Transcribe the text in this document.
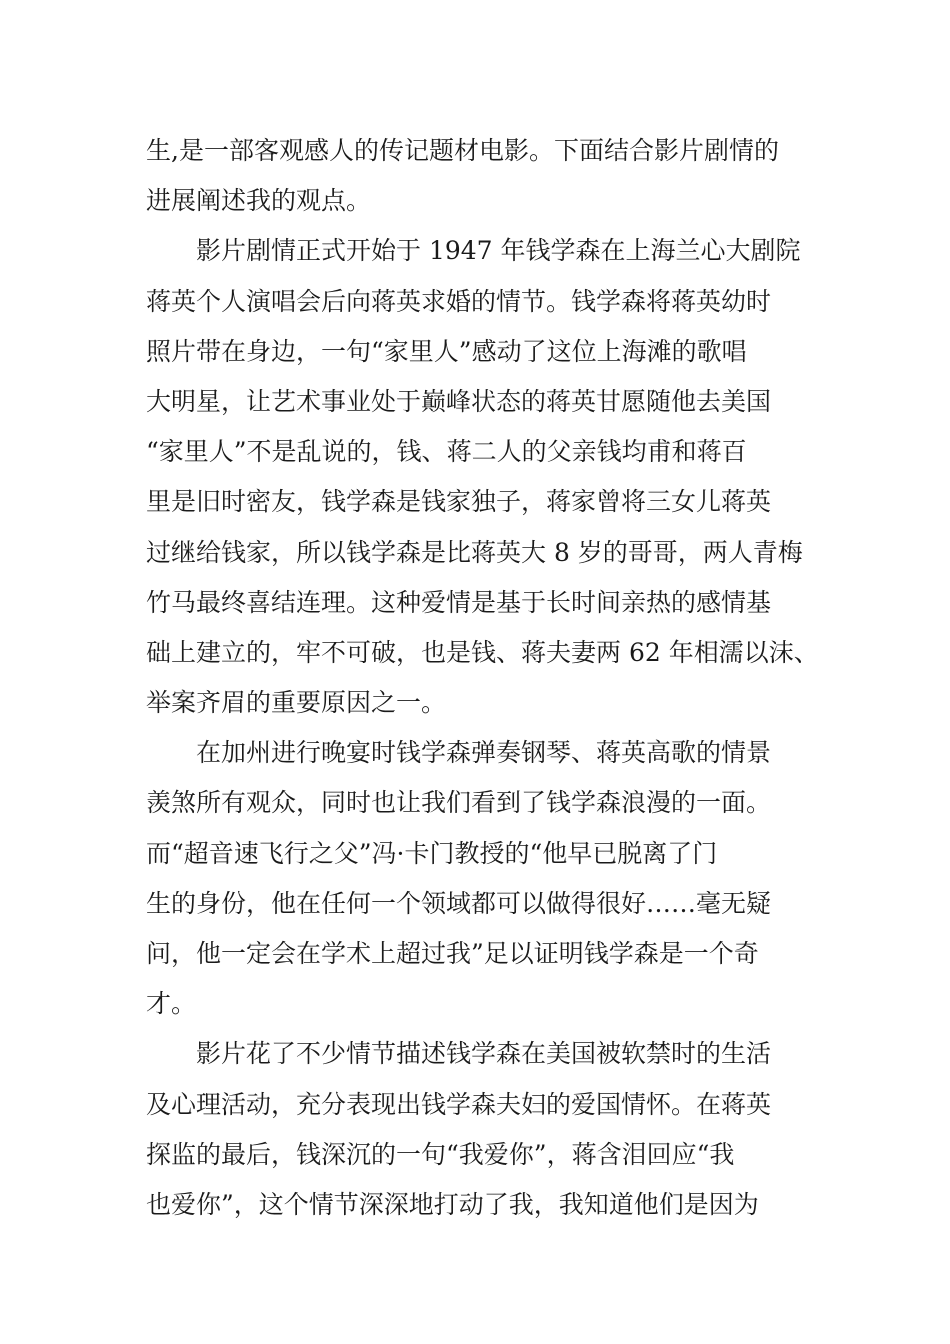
生,是一部客观感人的传记题材电影。下面结合影片剧情的
进展阐述我的观点。
影片剧情正式开始于 1947 年钱学森在上海兰心大剧院
蒋英个人演唱会后向蒋英求婚的情节。钱学森将蒋英幼时
照片带在身边，一句“家里人”感动了这位上海滩的歌唱
大明星，让艺术事业处于巅峰状态的蒋英甘愿随他去美国
“家里人”不是乱说的，钱、蒋二人的父亲钱均甫和蒋百
里是旧时密友，钱学森是钱家独子，蒋家曾将三女儿蒋英
过继给钱家，所以钱学森是比蒋英大 8 岁的哥哥，两人青梅
竹马最终喜结连理。这种爱情是基于长时间亲热的感情基
础上建立的，牢不可破，也是钱、蒋夫妻两 62 年相濡以沫、
举案齐眉的重要原因之一。
在加州进行晚宴时钱学森弹奏钢琴、蒋英高歌的情景
羡煞所有观众，同时也让我们看到了钱学森浪漫的一面。
而“超音速飞行之父”冯·卡门教授的“他早已脱离了门
生的身份，他在任何一个领域都可以做得很好……毫无疑
问，他一定会在学术上超过我”足以证明钱学森是一个奇
才。
影片花了不少情节描述钱学森在美国被软禁时的生活
及心理活动，充分表现出钱学森夫妇的爱国情怀。在蒋英
探监的最后，钱深沉的一句“我爱你”，蒋含泪回应“我
也爱你”，这个情节深深地打动了我，我知道他们是因为
